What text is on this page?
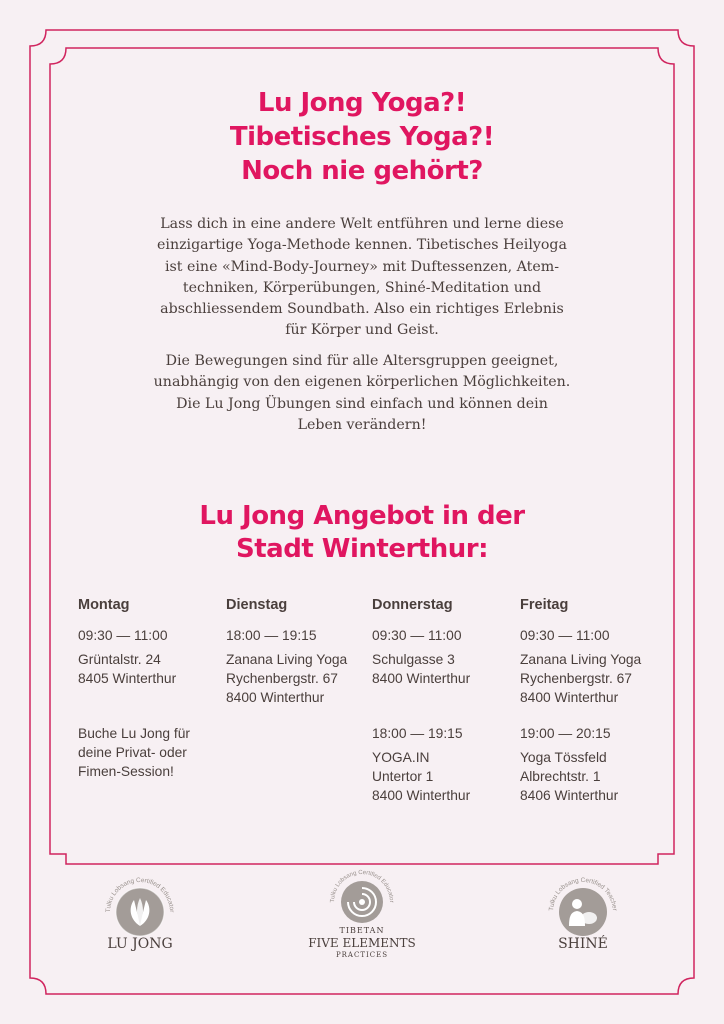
Lu Jong Yoga?!
Tibetisches Yoga?!
Noch nie gehört?
Lass dich in eine andere Welt entführen und lerne diese
einzigartige Yoga-Methode kennen. Tibetisches Heilyoga
ist eine «Mind-Body-Journey» mit Duftessenzen, Atem-
techniken, Körperübungen, Shiné-Meditation und
abschliessendem Soundbath. Also ein richtiges Erlebnis
für Körper und Geist.
Die Bewegungen sind für alle Altersgruppen geeignet,
unabhängig von den eigenen körperlichen Möglichkeiten.
Die Lu Jong Übungen sind einfach und können dein
Leben verändern!
Lu Jong Angebot in der
Stadt Winterthur:
Montag
09:30 — 11:00
Grüntalstr. 24
8405 Winterthur
Buche Lu Jong für
deine Privat- oder
Fimen-Session!
Dienstag
18:00 — 19:15
Zanana Living Yoga
Rychenbergstr. 67
8400 Winterthur
Donnerstag
09:30 — 11:00
Schulgasse 3
8400 Winterthur
18:00 — 19:15
YOGA.IN
Untertor 1
8400 Winterthur
Freitag
09:30 — 11:00
Zanana Living Yoga
Rychenbergstr. 67
8400 Winterthur
19:00 — 20:15
Yoga Tössfeld
Albrechtstr. 1
8406 Winterthur
Tulku Lobsang Certified Educator
LU JONG
Tulku Lobsang Certified Educator
TIBETAN
FIVE ELEMENTS
PRACTICES
Tulku Lobsang Certified Teacher
SHINÉ
